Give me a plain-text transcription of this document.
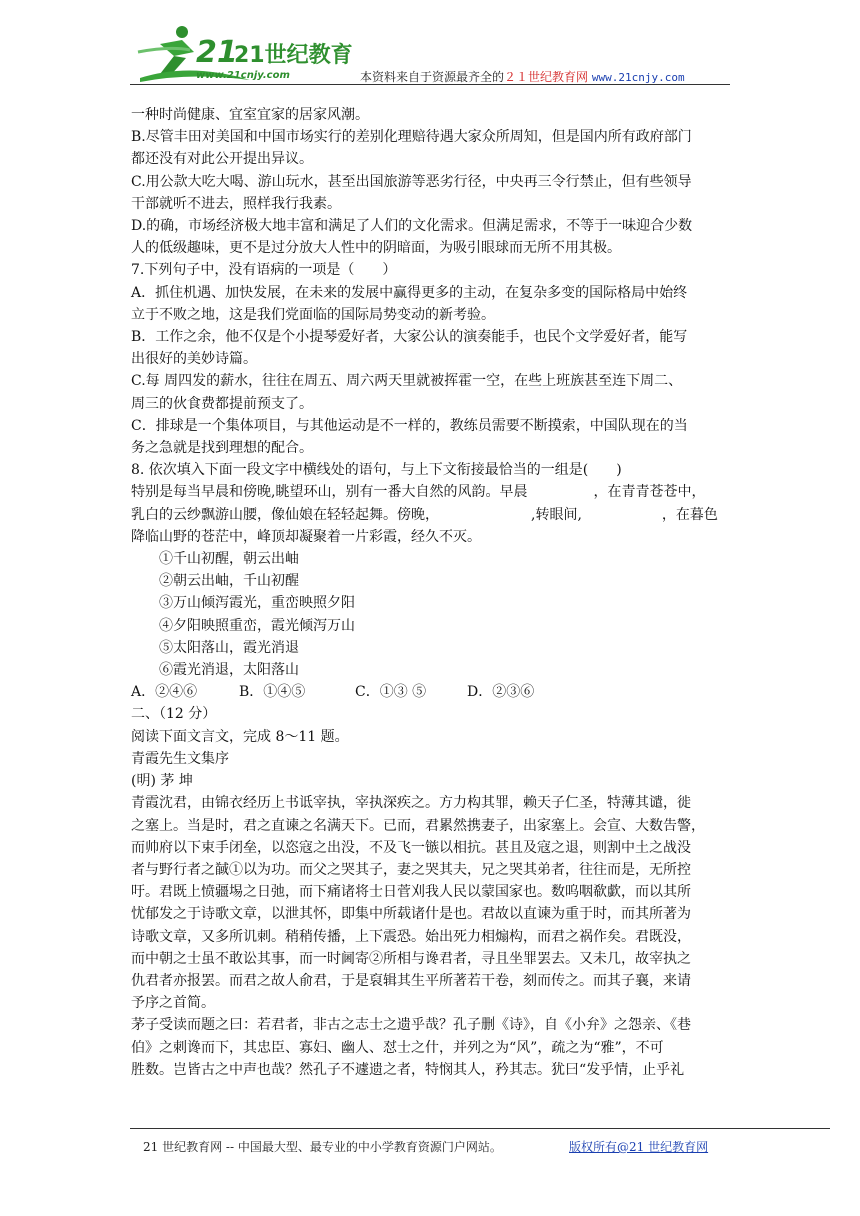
21
21世纪教育
www.21cnjy.com	本资料来自于资源最齐全的２１世纪教育网 www.21cnjy.com

一种时尚健康、宜室宜家的居家风潮。

B.尽管丰田对美国和中国市场实行的差别化理赔待遇大家众所周知，但是国内所有政府部门

都还没有对此公开提出异议。

C.用公款大吃大喝、游山玩水，甚至出国旅游等恶劣行径，中央再三令行禁止，但有些领导

干部就听不进去，照样我行我素。

D.的确，市场经济极大地丰富和满足了人们的文化需求。但满足需求，不等于一味迎合少数

人的低级趣味，更不是过分放大人性中的阴暗面，为吸引眼球而无所不用其极。

7.下列句子中，没有语病的一项是（　　）

A．抓住机遇、加快发展，在未来的发展中赢得更多的主动，在复杂多变的国际格局中始终

立于不败之地，这是我们党面临的国际局势变动的新考验。

B．工作之余，他不仅是个小提琴爱好者，大家公认的演奏能手，也民个文学爱好者，能写

出很好的美妙诗篇。

C.每 周四发的薪水，往往在周五、周六两天里就被挥霍一空，在些上班族甚至连下周二、

周三的伙食费都提前预支了。

C．排球是一个集体项目，与其他运动是不一样的，教练员需要不断摸索，中国队现在的当

务之急就是找到理想的配合。

8. 依次填入下面一段文字中横线处的语句，与上下文衔接最恰当的一组是(　　)

特别是每当早晨和傍晚,眺望环山，别有一番大自然的风韵。早晨	，在青青苍苍中，

乳白的云纱飘游山腰，像仙娘在轻轻起舞。傍晚，	,转眼间,	，在暮色

降临山野的苍茫中，峰顶却凝聚着一片彩霞，经久不灭。

①千山初醒，朝云出岫

②朝云出岫，千山初醒

③万山倾泻霞光，重峦映照夕阳

④夕阳映照重峦，霞光倾泻万山

⑤太阳落山，霞光消退

⑥霞光消退，太阳落山

A．②④⑥	B．①④⑤	C．①③ ⑤	D．②③⑥

二、（12 分）

阅读下面文言文，完成 8～11 题。

青霞先生文集序

(明) 茅 坤

青霞沈君，由锦衣经历上书诋宰执，宰执深疾之。方力构其罪，赖天子仁圣，特薄其谴，徙

之塞上。当是时，君之直谏之名满天下。已而，君累然携妻子，出家塞上。会宣、大数告警，

而帅府以下束手闭垒，以恣寇之出没，不及飞一镞以相抗。甚且及寇之退，则割中土之战没

者与野行者之馘①以为功。而父之哭其子，妻之哭其夫，兄之哭其弟者，往往而是，无所控

吁。君既上愤疆埸之日弛，而下痛诸将士日菅刈我人民以蒙国家也。数呜咽欷歔，而以其所

忧郁发之于诗歌文章，以泄其怀，即集中所载诸什是也。君故以直谏为重于时，而其所著为

诗歌文章，又多所讥刺。稍稍传播，上下震恐。始出死力相煽构，而君之祸作矣。君既没，

而中朝之士虽不敢讼其事，而一时阃寄②所相与谗君者，寻且坐罪罢去。又未几，故宰执之

仇君者亦报罢。而君之故人俞君，于是裒辑其生平所著若干卷，刻而传之。而其子襄，来请

予序之首简。

茅子受读而题之曰：若君者，非古之志士之遗乎哉？孔子删《诗》，自《小弁》之怨亲、《巷

伯》之刺谗而下，其忠臣、寡妇、幽人、怼士之什，并列之为“风”，疏之为“雅”，不可

胜数。岂皆古之中声也哉？然孔子不遽遗之者，特悯其人，矜其志。犹曰“发乎情，止乎礼

21 世纪教育网 -- 中国最大型、最专业的中小学教育资源门户网站。	版权所有@21 世纪教育网
